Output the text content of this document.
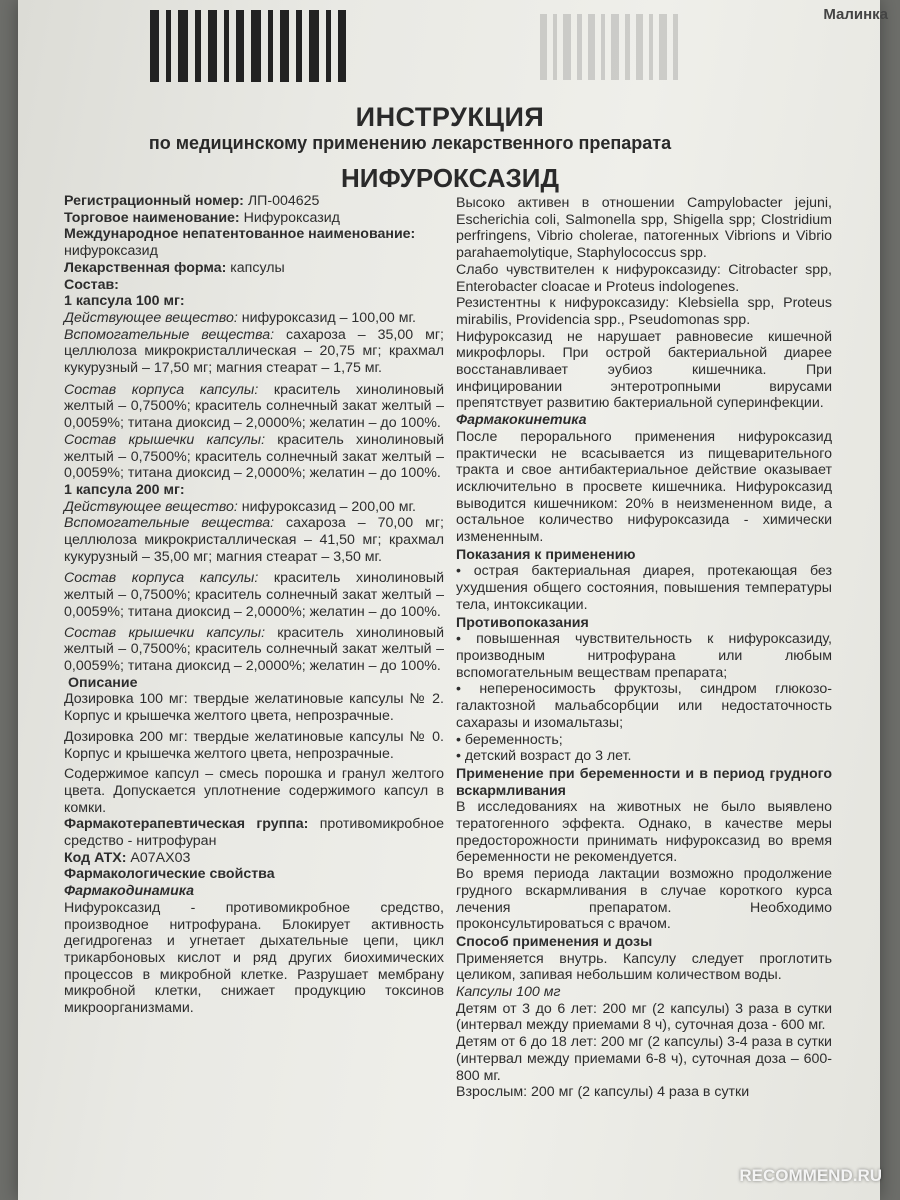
Малинка
ИНСТРУКЦИЯ
по медицинскому применению лекарственного препарата
НИФУРОКСАЗИД

Регистрационный номер: ЛП-004625

Торговое наименование: Нифуроксазид

Международное непатентованное наименование:

нифуроксазид

Лекарственная форма: капсулы

Состав:

1 капсула 100 мг:

Действующее вещество: нифуроксазид – 100,00 мг.

Вспомогательные вещества: сахароза – 35,00 мг; целлюлоза микрокристаллическая – 20,75 мг; крахмал кукурузный – 17,50 мг; магния стеарат – 1,75 мг.

Состав корпуса капсулы: краситель хинолиновый желтый – 0,7500%; краситель солнечный закат желтый – 0,0059%; титана диоксид – 2,0000%; желатин – до 100%.

Состав крышечки капсулы: краситель хинолиновый желтый – 0,7500%; краситель солнечный закат желтый – 0,0059%; титана диоксид – 2,0000%; желатин – до 100%.

1 капсула 200 мг:

Действующее вещество: нифуроксазид – 200,00 мг.

Вспомогательные вещества: сахароза – 70,00 мг; целлюлоза микрокристаллическая – 41,50 мг; крахмал кукурузный – 35,00 мг; магния стеарат – 3,50 мг.

Состав корпуса капсулы: краситель хинолиновый желтый – 0,7500%; краситель солнечный закат желтый – 0,0059%; титана диоксид – 2,0000%; желатин – до 100%.

Состав крышечки капсулы: краситель хинолиновый желтый – 0,7500%; краситель солнечный закат желтый – 0,0059%; титана диоксид – 2,0000%; желатин – до 100%.

Описание

Дозировка 100 мг: твердые желатиновые капсулы № 2. Корпус и крышечка желтого цвета, непрозрачные.

Дозировка 200 мг: твердые желатиновые капсулы № 0. Корпус и крышечка желтого цвета, непрозрачные.

Содержимое капсул – смесь порошка и гранул желтого цвета. Допускается уплотнение содержимого капсул в комки.

Фармакотерапевтическая группа: противомикробное средство - нитрофуран

Код АТХ: A07AX03

Фармакологические свойства

Фармакодинамика

Нифуроксазид - противомикробное средство, производное нитрофурана. Блокирует активность дегидрогеназ и угнетает дыхательные цепи, цикл трикарбоновых кислот и ряд других биохимических процессов в микробной клетке. Разрушает мембрану микробной клетки, снижает продукцию токсинов микроорганизмами.

Высоко активен в отношении Campylobacter jejuni, Escherichia coli, Salmonella spp, Shigella spp; Clostridium perfringens, Vibrio cholerae, патогенных Vibrions и Vibrio parahaemolytique, Staphylococcus spp.

Слабо чувствителен к нифуроксазиду: Citrobacter spp, Enterobacter cloacae и Proteus indologenes.

Резистентны к нифуроксазиду: Klebsiella spp, Proteus mirabilis, Providencia spp., Pseudomonas spp.

Нифуроксазид не нарушает равновесие кишечной микрофлоры. При острой бактериальной диарее восстанавливает эубиоз кишечника. При инфицировании энтеротропными вирусами препятствует развитию бактериальной суперинфекции.

Фармакокинетика

После перорального применения нифуроксазид практически не всасывается из пищеварительного тракта и свое антибактериальное действие оказывает исключительно в просвете кишечника. Нифуроксазид выводится кишечником: 20% в неизмененном виде, а остальное количество нифуроксазида - химически измененным.

Показания к применению

• острая бактериальная диарея, протекающая без ухудшения общего состояния, повышения температуры тела, интоксикации.

Противопоказания

• повышенная чувствительность к нифуроксазиду, производным нитрофурана или любым вспомогательным веществам препарата;

• непереносимость фруктозы, синдром глюкозо-галактозной мальабсорбции или недостаточность сахаразы и изомальтазы;

• беременность;

• детский возраст до 3 лет.

Применение при беременности и в период грудного вскармливания

В исследованиях на животных не было выявлено тератогенного эффекта. Однако, в качестве меры предосторожности принимать нифуроксазид во время беременности не рекомендуется.

Во время периода лактации возможно продолжение грудного вскармливания в случае короткого курса лечения препаратом. Необходимо проконсультироваться с врачом.

Способ применения и дозы

Применяется внутрь. Капсулу следует проглотить целиком, запивая небольшим количеством воды.

Капсулы 100 мг

Детям от 3 до 6 лет: 200 мг (2 капсулы) 3 раза в сутки (интервал между приемами 8 ч), суточная доза - 600 мг.

Детям от 6 до 18 лет: 200 мг (2 капсулы) 3-4 раза в сутки (интервал между приемами 6-8 ч), суточная доза – 600-800 мг.

Взрослым: 200 мг (2 капсулы) 4 раза в сутки

RECOMMEND.RU
